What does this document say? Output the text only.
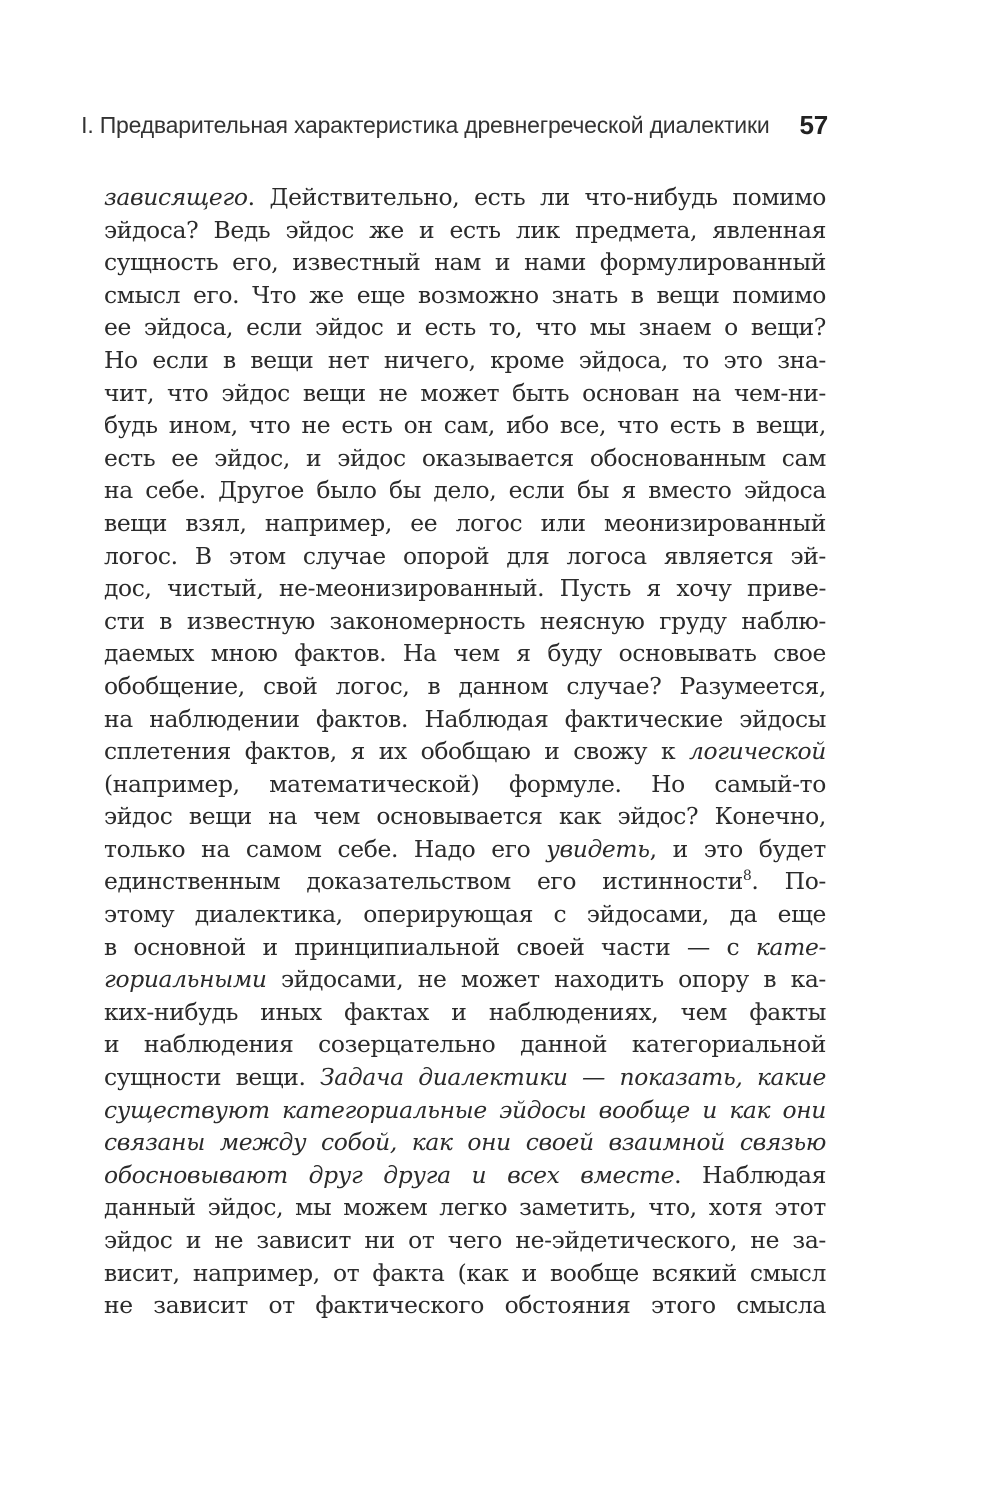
I. Предварительная характеристика древнегреческой диалектики 57
зависящего. Действительно, есть ли что-нибудь помимо
эйдоса? Ведь эйдос же и есть лик предмета, явленная
сущность его, известный нам и нами формулированный
смысл его. Что же еще возможно знать в вещи помимо
ее эйдоса, если эйдос и есть то, что мы знаем о вещи?
Но если в вещи нет ничего, кроме эйдоса, то это зна-
чит, что эйдос вещи не может быть основан на чем-ни-
будь ином, что не есть он сам, ибо все, что есть в вещи,
есть ее эйдос, и эйдос оказывается обоснованным сам
на себе. Другое было бы дело, если бы я вместо эйдоса
вещи взял, например, ее логос или меонизированный
логос. В этом случае опорой для логоса является эй-
дос, чистый, не-меонизированный. Пусть я хочу приве-
сти в известную закономерность неясную груду наблю-
даемых мною фактов. На чем я буду основывать свое
обобщение, свой логос, в данном случае? Разумеется,
на наблюдении фактов. Наблюдая фактические эйдосы
сплетения фактов, я их обобщаю и свожу к логической
(например, математической) формуле. Но самый-то
эйдос вещи на чем основывается как эйдос? Конечно,
только на самом себе. Надо его увидеть, и это будет
единственным доказательством его истинности$^8$. По-
этому диалектика, оперирующая с эйдосами, да еще
в основной и принципиальной своей части — с кате-
гориальными эйдосами, не может находить опору в ка-
ких-нибудь иных фактах и наблюдениях, чем факты
и наблюдения созерцательно данной категориальной
сущности вещи. Задача диалектики — показать, какие
существуют категориальные эйдосы вообще и как они
связаны между собой, как они своей взаимной связью
обосновывают друг друга и всех вместе. Наблюдая
данный эйдос, мы можем легко заметить, что, хотя этот
эйдос и не зависит ни от чего не-эйдетического, не за-
висит, например, от факта (как и вообще всякий смысл
не зависит от фактического обстояния этого смысла
